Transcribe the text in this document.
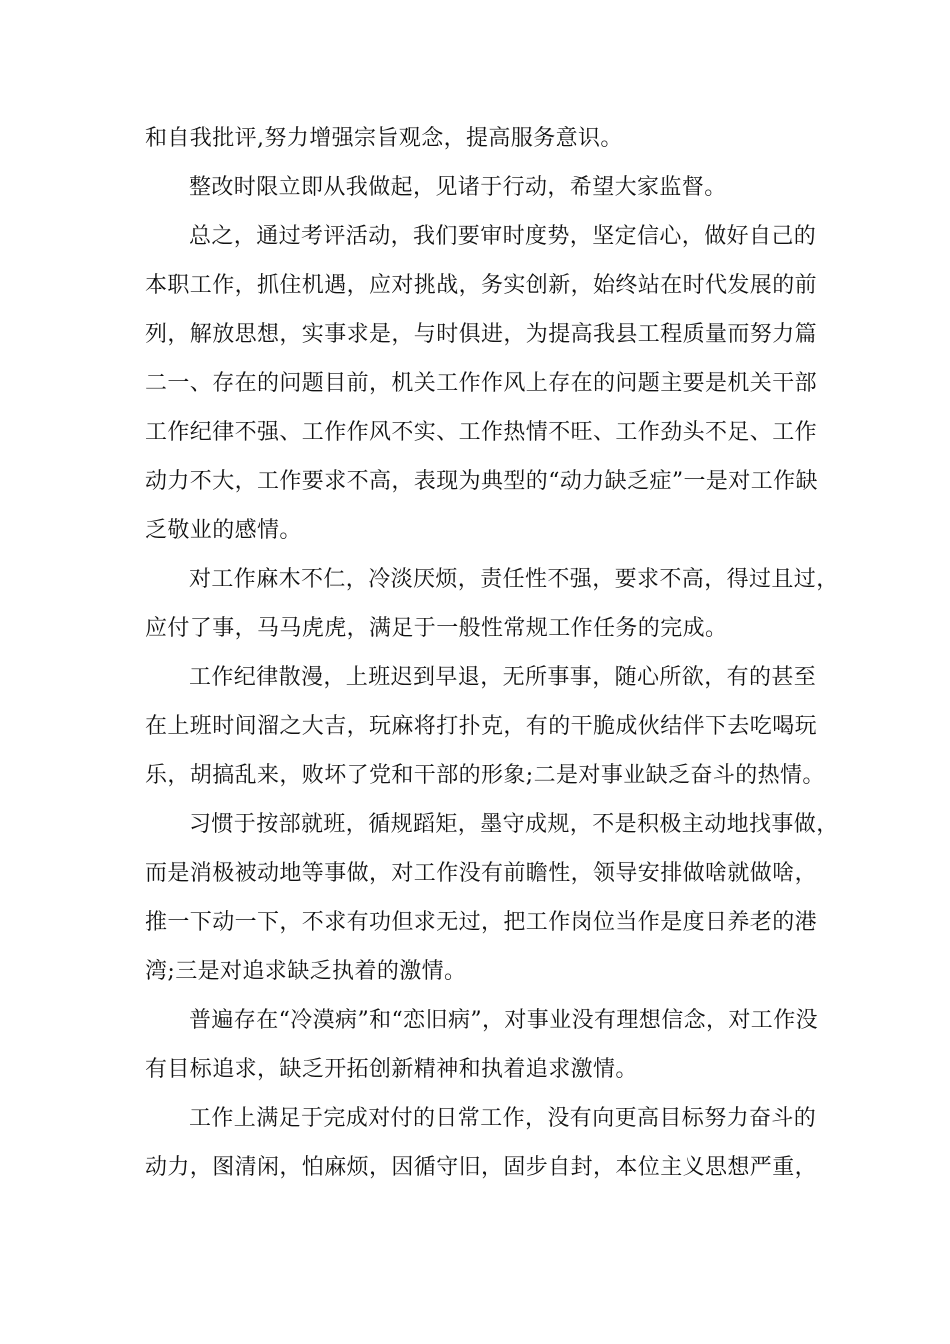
和自我批评,努力增强宗旨观念，提高服务意识。
整改时限立即从我做起，见诸于行动，希望大家监督。
总之，通过考评活动，我们要审时度势，坚定信心，做好自己的
本职工作，抓住机遇，应对挑战，务实创新，始终站在时代发展的前
列，解放思想，实事求是，与时俱进，为提高我县工程质量而努力篇
二一、存在的问题目前，机关工作作风上存在的问题主要是机关干部
工作纪律不强、工作作风不实、工作热情不旺、工作劲头不足、工作
动力不大，工作要求不高，表现为典型的“动力缺乏症”一是对工作缺
乏敬业的感情。
对工作麻木不仁，冷淡厌烦，责任性不强，要求不高，得过且过，
应付了事，马马虎虎，满足于一般性常规工作任务的完成。
工作纪律散漫，上班迟到早退，无所事事，随心所欲，有的甚至
在上班时间溜之大吉，玩麻将打扑克，有的干脆成伙结伴下去吃喝玩
乐，胡搞乱来，败坏了党和干部的形象;二是对事业缺乏奋斗的热情。
习惯于按部就班，循规蹈矩，墨守成规，不是积极主动地找事做，
而是消极被动地等事做，对工作没有前瞻性，领导安排做啥就做啥，
推一下动一下，不求有功但求无过，把工作岗位当作是度日养老的港
湾;三是对追求缺乏执着的激情。
普遍存在“冷漠病”和“恋旧病”，对事业没有理想信念，对工作没
有目标追求，缺乏开拓创新精神和执着追求激情。
工作上满足于完成对付的日常工作，没有向更高目标努力奋斗的
动力，图清闲，怕麻烦，因循守旧，固步自封，本位主义思想严重，
